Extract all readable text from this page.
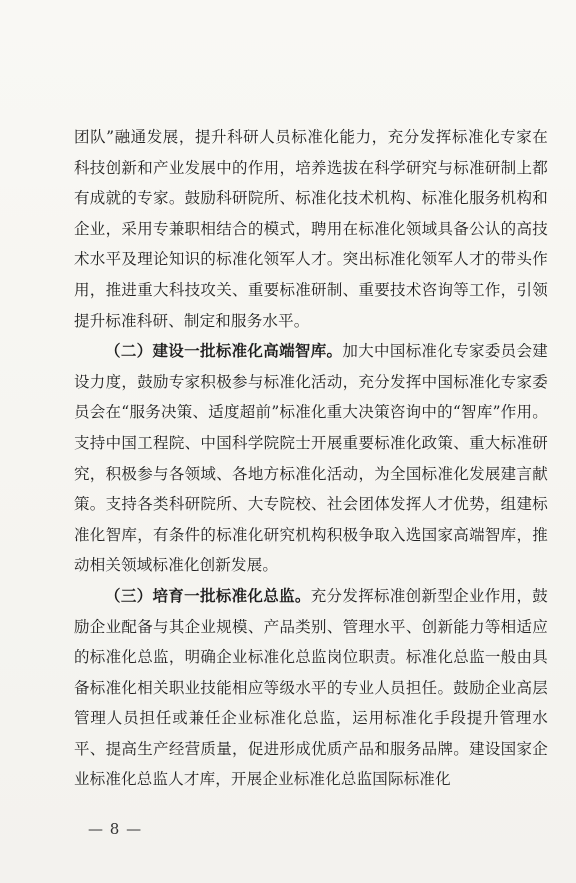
团队”融通发展，提升科研人员标准化能力，充分发挥标准化专家在科技创新和产业发展中的作用，培养选拔在科学研究与标准研制上都有成就的专家。鼓励科研院所、标准化技术机构、标准化服务机构和企业，采用专兼职相结合的模式，聘用在标准化领域具备公认的高技术水平及理论知识的标准化领军人才。突出标准化领军人才的带头作用，推进重大科技攻关、重要标准研制、重要技术咨询等工作，引领提升标准科研、制定和服务水平。

（二）建设一批标准化高端智库。加大中国标准化专家委员会建设力度，鼓励专家积极参与标准化活动，充分发挥中国标准化专家委员会在“服务决策、适度超前”标准化重大决策咨询中的“智库”作用。支持中国工程院、中国科学院院士开展重要标准化政策、重大标准研究，积极参与各领域、各地方标准化活动，为全国标准化发展建言献策。支持各类科研院所、大专院校、社会团体发挥人才优势，组建标准化智库，有条件的标准化研究机构积极争取入选国家高端智库，推动相关领域标准化创新发展。

（三）培育一批标准化总监。充分发挥标准创新型企业作用，鼓励企业配备与其企业规模、产品类别、管理水平、创新能力等相适应的标准化总监，明确企业标准化总监岗位职责。标准化总监一般由具备标准化相关职业技能相应等级水平的专业人员担任。鼓励企业高层管理人员担任或兼任企业标准化总监，运用标准化手段提升管理水平、提高生产经营质量，促进形成优质产品和服务品牌。建设国家企业标准化总监人才库，开展企业标准化总监国际标准化

— 8 —
